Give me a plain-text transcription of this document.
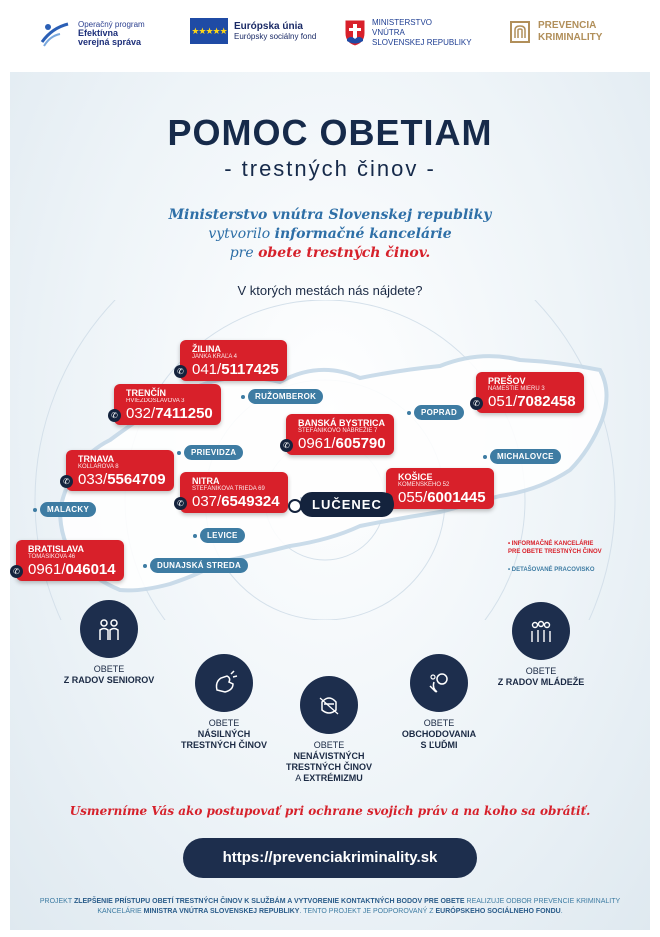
Operačný program
Efektívna
verejná správa
★★★★★ Európska únia
Európsky sociálny fond
MINISTERSTVO
VNÚTRA
SLOVENSKEJ REPUBLIKY
PREVENCIA
KRIMINALITY
POMOC OBETIAM
- trestných činov -
Ministerstvo vnútra Slovenskej republiky
vytvorilo informačné kancelárie
pre obete trestných činov.
V ktorých mestách nás nájdete?
ŽILINA
JANKA KRÁĽA 4
041/5117425
✆
TRENČÍN
HVIEZDOSLAVOVA 3
032/7411250
✆
BANSKÁ BYSTRICA
ŠTEFÁNIKOVO NÁBREŽIE 7
0961/605790
✆
PREŠOV
NÁMESTIE MIERU 3
051/7082458
✆
TRNAVA
KOLLÁROVA 8
033/5564709
✆	NITRA
ŠTEFÁNIKOVA TRIEDA 69
037/6549324
✆
KOŠICE
KOMENSKÉHO 52
055/6001445
BRATISLAVA
TOMÁŠIKOVA 46
0961/046014
✆
RUŽOMBEROK
POPRAD
PRIEVIDZA	MICHALOVCE
MALACKY
LEVICE
DUNAJSKÁ STREDA
LUČENEC
• INFORMAČNÉ KANCELÁRIE
PRE OBETE TRESTNÝCH ČINOV
• DETAŠOVANÉ PRACOVISKO
OBETE
Z RADOV SENIOROV
OBETE
NÁSILNÝCH
TRESTNÝCH ČINOV	OBETE
NENÁVISTNÝCH
TRESTNÝCH ČINOV
A EXTRÉMIZMU
OBETE
OBCHODOVANIA
S ĽUĎMI
OBETE
Z RADOV MLÁDEŽE
Usmerníme Vás ako postupovať pri ochrane svojich práv a na koho sa obrátiť.
https://prevenciakriminality.sk
PROJEKT ZLEPŠENIE PRÍSTUPU OBETÍ TRESTNÝCH ČINOV K SLUŽBÁM A VYTVORENIE KONTAKTNÝCH BODOV PRE OBETE REALIZUJE ODBOR PREVENCIE KRIMINALITY KANCELÁRIE MINISTRA VNÚTRA SLOVENSKEJ REPUBLIKY. TENTO PROJEKT JE PODPOROVANÝ Z EURÓPSKEHO SOCIÁLNEHO FONDU.
